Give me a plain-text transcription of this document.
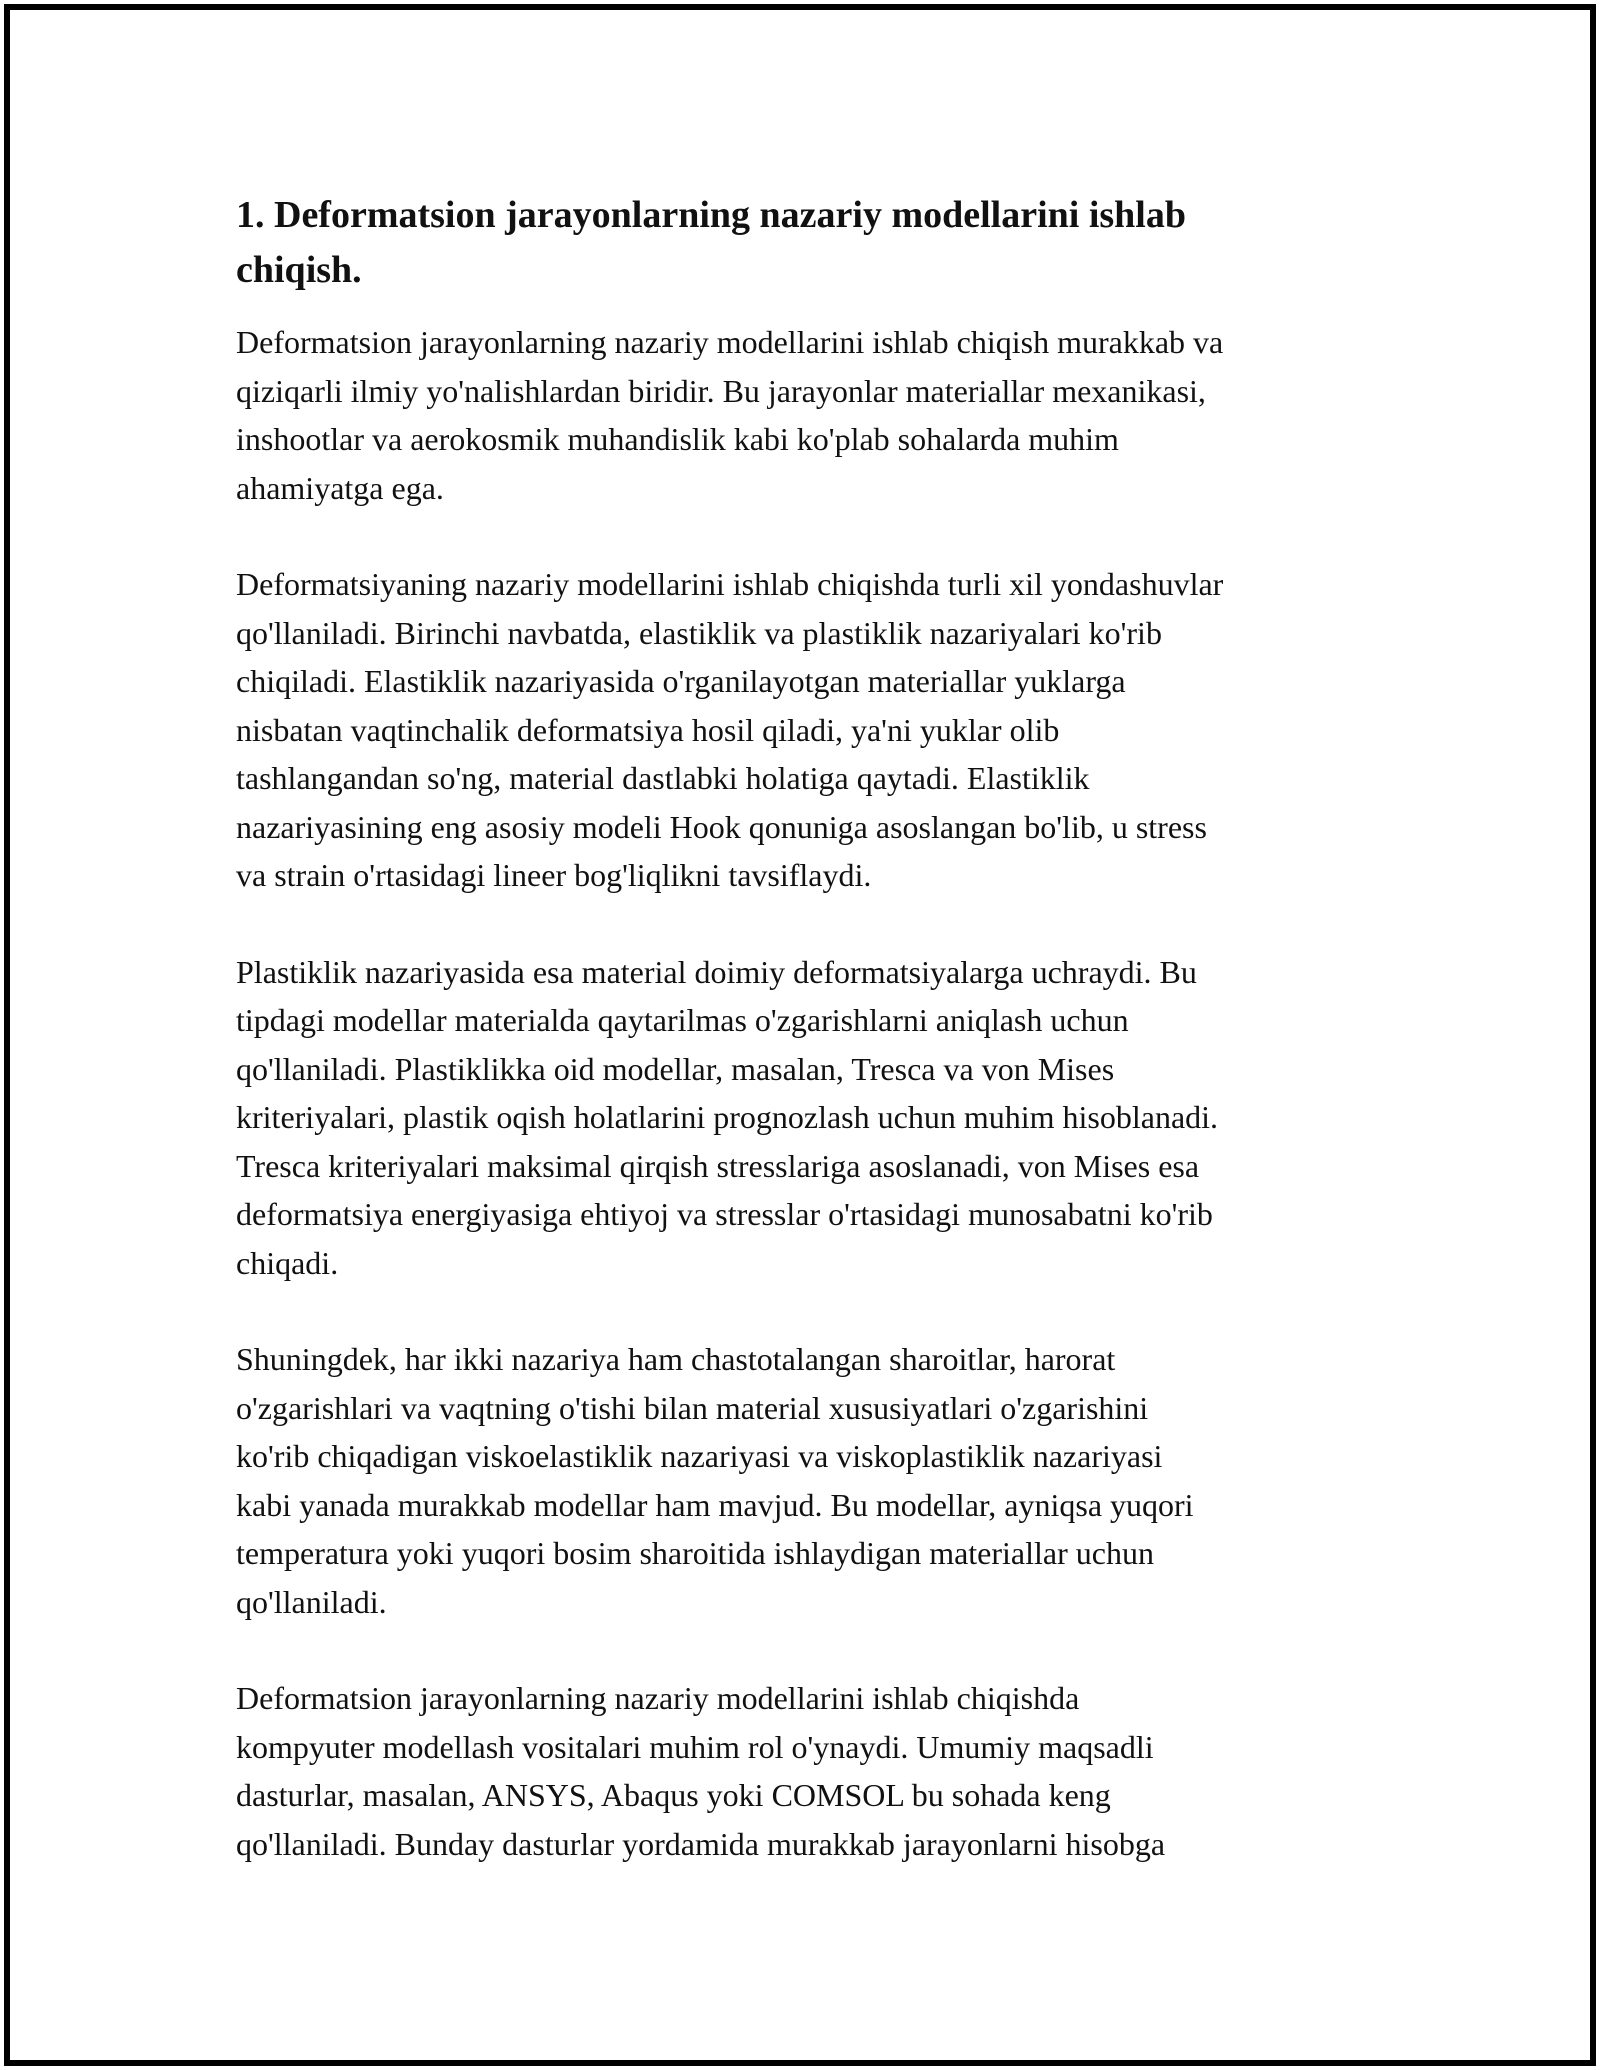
1. Deformatsion jarayonlarning nazariy modellarini ishlab
chiqish.

Deformatsion jarayonlarning nazariy modellarini ishlab chiqish murakkab va
qiziqarli ilmiy yo'nalishlardan biridir. Bu jarayonlar materiallar mexanikasi,
inshootlar va aerokosmik muhandislik kabi ko'plab sohalarda muhim
ahamiyatga ega.

Deformatsiyaning nazariy modellarini ishlab chiqishda turli xil yondashuvlar
qo'llaniladi. Birinchi navbatda, elastiklik va plastiklik nazariyalari ko'rib
chiqiladi. Elastiklik nazariyasida o'rganilayotgan materiallar yuklarga
nisbatan vaqtinchalik deformatsiya hosil qiladi, ya'ni yuklar olib
tashlangandan so'ng, material dastlabki holatiga qaytadi. Elastiklik
nazariyasining eng asosiy modeli Hook qonuniga asoslangan bo'lib, u stress
va strain o'rtasidagi lineer bog'liqlikni tavsiflaydi.

Plastiklik nazariyasida esa material doimiy deformatsiyalarga uchraydi. Bu
tipdagi modellar materialda qaytarilmas o'zgarishlarni aniqlash uchun
qo'llaniladi. Plastiklikka oid modellar, masalan, Tresca va von Mises
kriteriyalari, plastik oqish holatlarini prognozlash uchun muhim hisoblanadi.
Tresca kriteriyalari maksimal qirqish stresslariga asoslanadi, von Mises esa
deformatsiya energiyasiga ehtiyoj va stresslar o'rtasidagi munosabatni ko'rib
chiqadi.

Shuningdek, har ikki nazariya ham chastotalangan sharoitlar, harorat
o'zgarishlari va vaqtning o'tishi bilan material xususiyatlari o'zgarishini
ko'rib chiqadigan viskoelastiklik nazariyasi va viskoplastiklik nazariyasi
kabi yanada murakkab modellar ham mavjud. Bu modellar, ayniqsa yuqori
temperatura yoki yuqori bosim sharoitida ishlaydigan materiallar uchun
qo'llaniladi.

Deformatsion jarayonlarning nazariy modellarini ishlab chiqishda
kompyuter modellash vositalari muhim rol o'ynaydi. Umumiy maqsadli
dasturlar, masalan, ANSYS, Abaqus yoki COMSOL bu sohada keng
qo'llaniladi. Bunday dasturlar yordamida murakkab jarayonlarni hisobga
